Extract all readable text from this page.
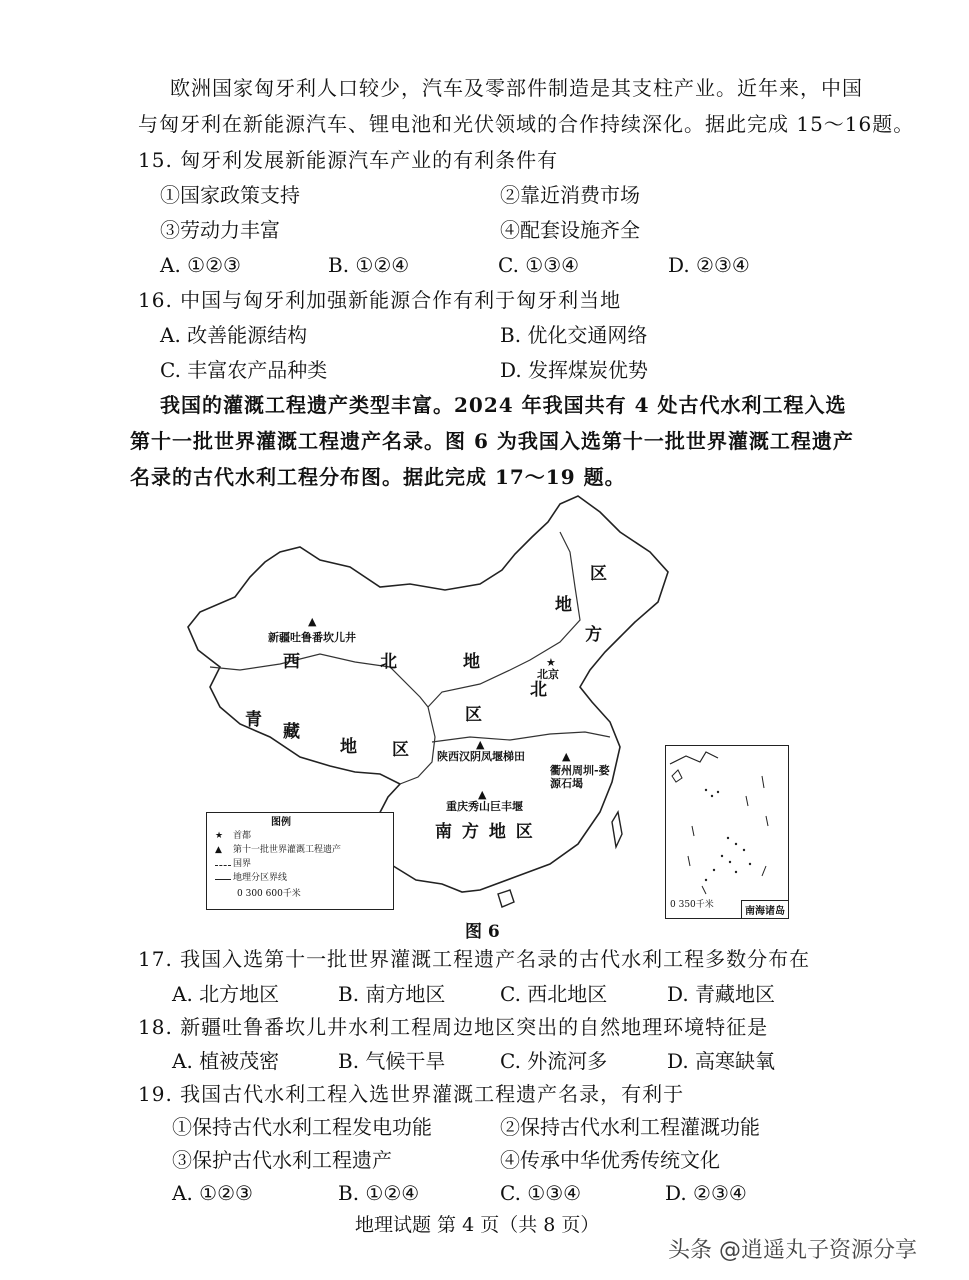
欧洲国家匈牙利人口较少，汽车及零部件制造是其支柱产业。近年来，中国
与匈牙利在新能源汽车、锂电池和光伏领域的合作持续深化。据此完成 15～16题。
15. 匈牙利发展新能源汽车产业的有利条件有
①国家政策支持	②靠近消费市场
③劳动力丰富	④配套设施齐全
A. ①②③	B. ①②④	C. ①③④	D. ②③④
16. 中国与匈牙利加强新能源合作有利于匈牙利当地
A. 改善能源结构	B. 优化交通网络
C. 丰富农产品种类	D. 发挥煤炭优势
我国的灌溉工程遗产类型丰富。2024 年我国共有 4 处古代水利工程入选
第十一批世界灌溉工程遗产名录。图 6 为我国入选第十一批世界灌溉工程遗产
名录的古代水利工程分布图。据此完成 17～19 题。
区
地
方
北
区
西	北	地
青
藏
地 区
南 方 地 区
★
北京
▲
新疆吐鲁番坎儿井
▲
陕西汉阴凤堰梯田
▲
重庆秀山巨丰堰
▲
衢州周圳-婺源石堨
图例
★ 首都
▲ 第十一批世界灌溉工程遗产
国界
地理分区界线
0 300 600千米
0 350千米
南海诸岛
图 6
17. 我国入选第十一批世界灌溉工程遗产名录的古代水利工程多数分布在
A. 北方地区	B. 南方地区	C. 西北地区	D. 青藏地区
18. 新疆吐鲁番坎儿井水利工程周边地区突出的自然地理环境特征是
A. 植被茂密	B. 气候干旱	C. 外流河多	D. 高寒缺氧
19. 我国古代水利工程入选世界灌溉工程遗产名录，有利于
①保持古代水利工程发电功能	②保持古代水利工程灌溉功能
③保护古代水利工程遗产	④传承中华优秀传统文化
A. ①②③	B. ①②④	C. ①③④	D. ②③④
地理试题 第 4 页（共 8 页）
头条 @逍遥丸子资源分享
